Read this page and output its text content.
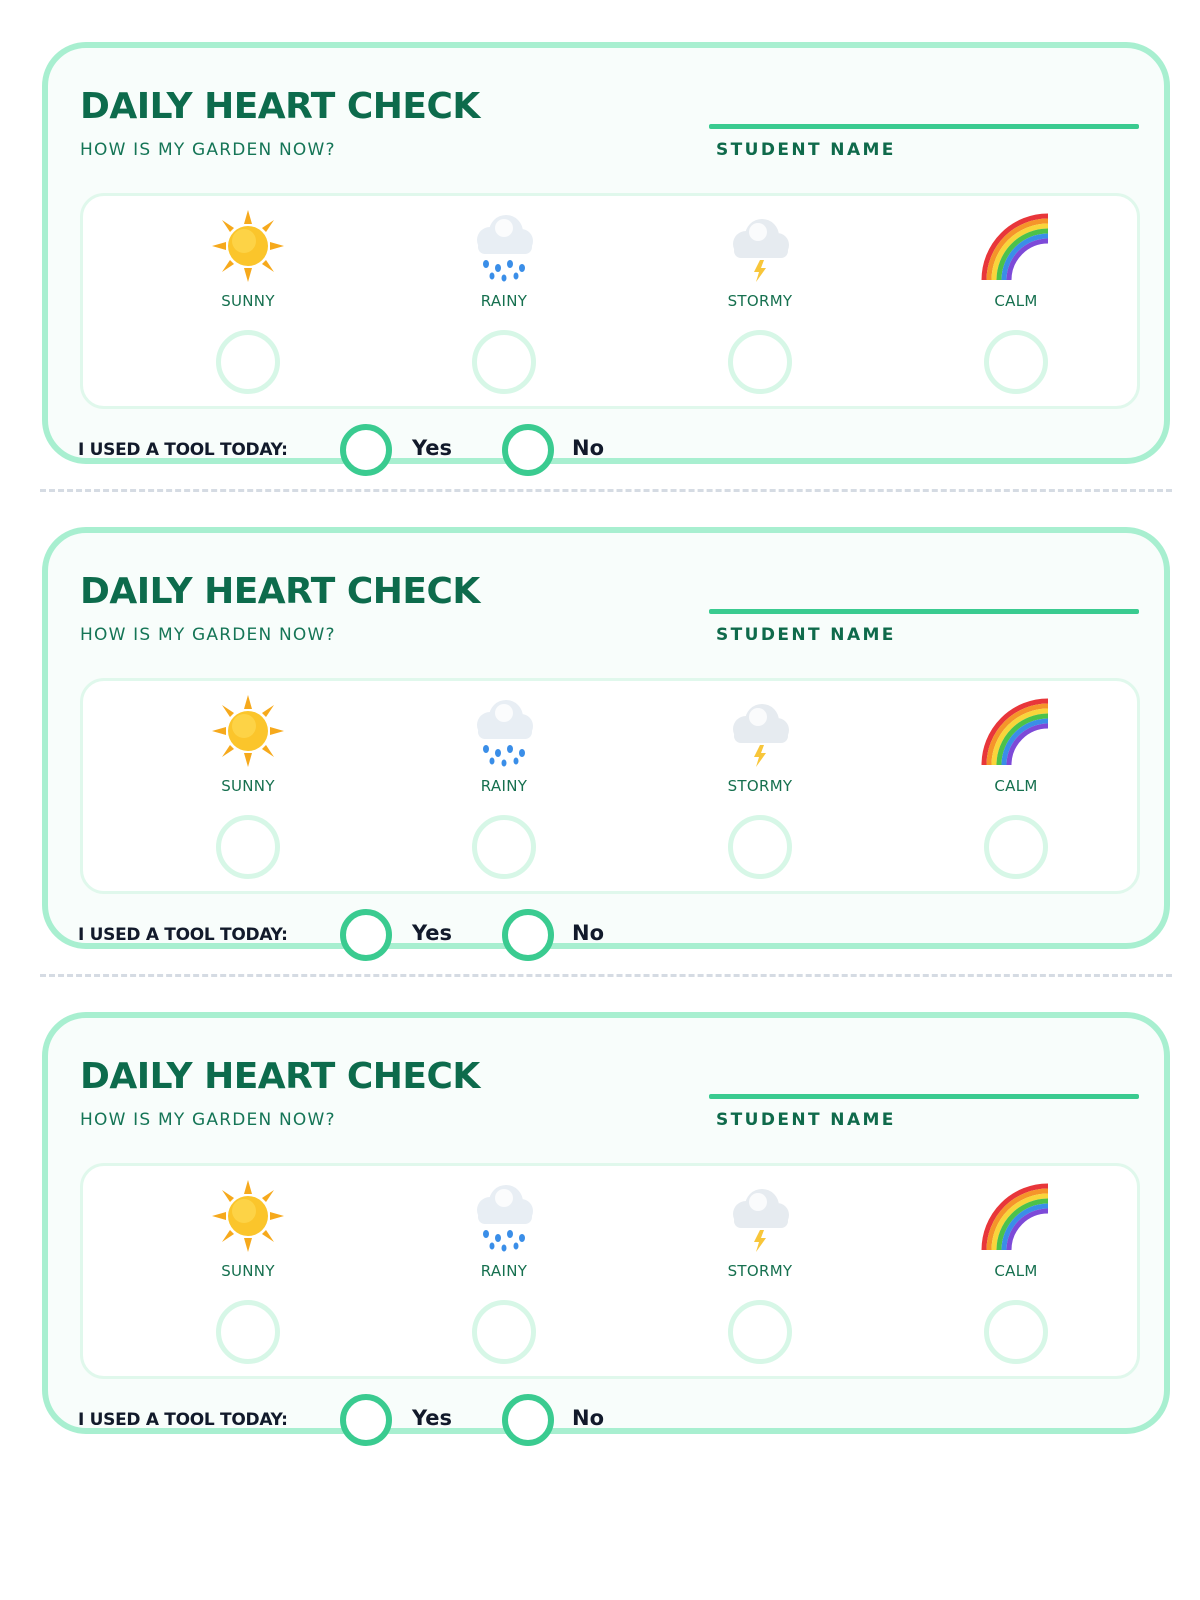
DAILY HEART CHECK
HOW IS MY GARDEN NOW?	STUDENT NAME
SUNNY	RAINY	STORMY	CALM
I USED A TOOL TODAY:	Yes	No
DAILY HEART CHECK
HOW IS MY GARDEN NOW?	STUDENT NAME
SUNNY	RAINY	STORMY	CALM
I USED A TOOL TODAY:	Yes	No
DAILY HEART CHECK
HOW IS MY GARDEN NOW?	STUDENT NAME
SUNNY	RAINY	STORMY	CALM
I USED A TOOL TODAY:	Yes	No
